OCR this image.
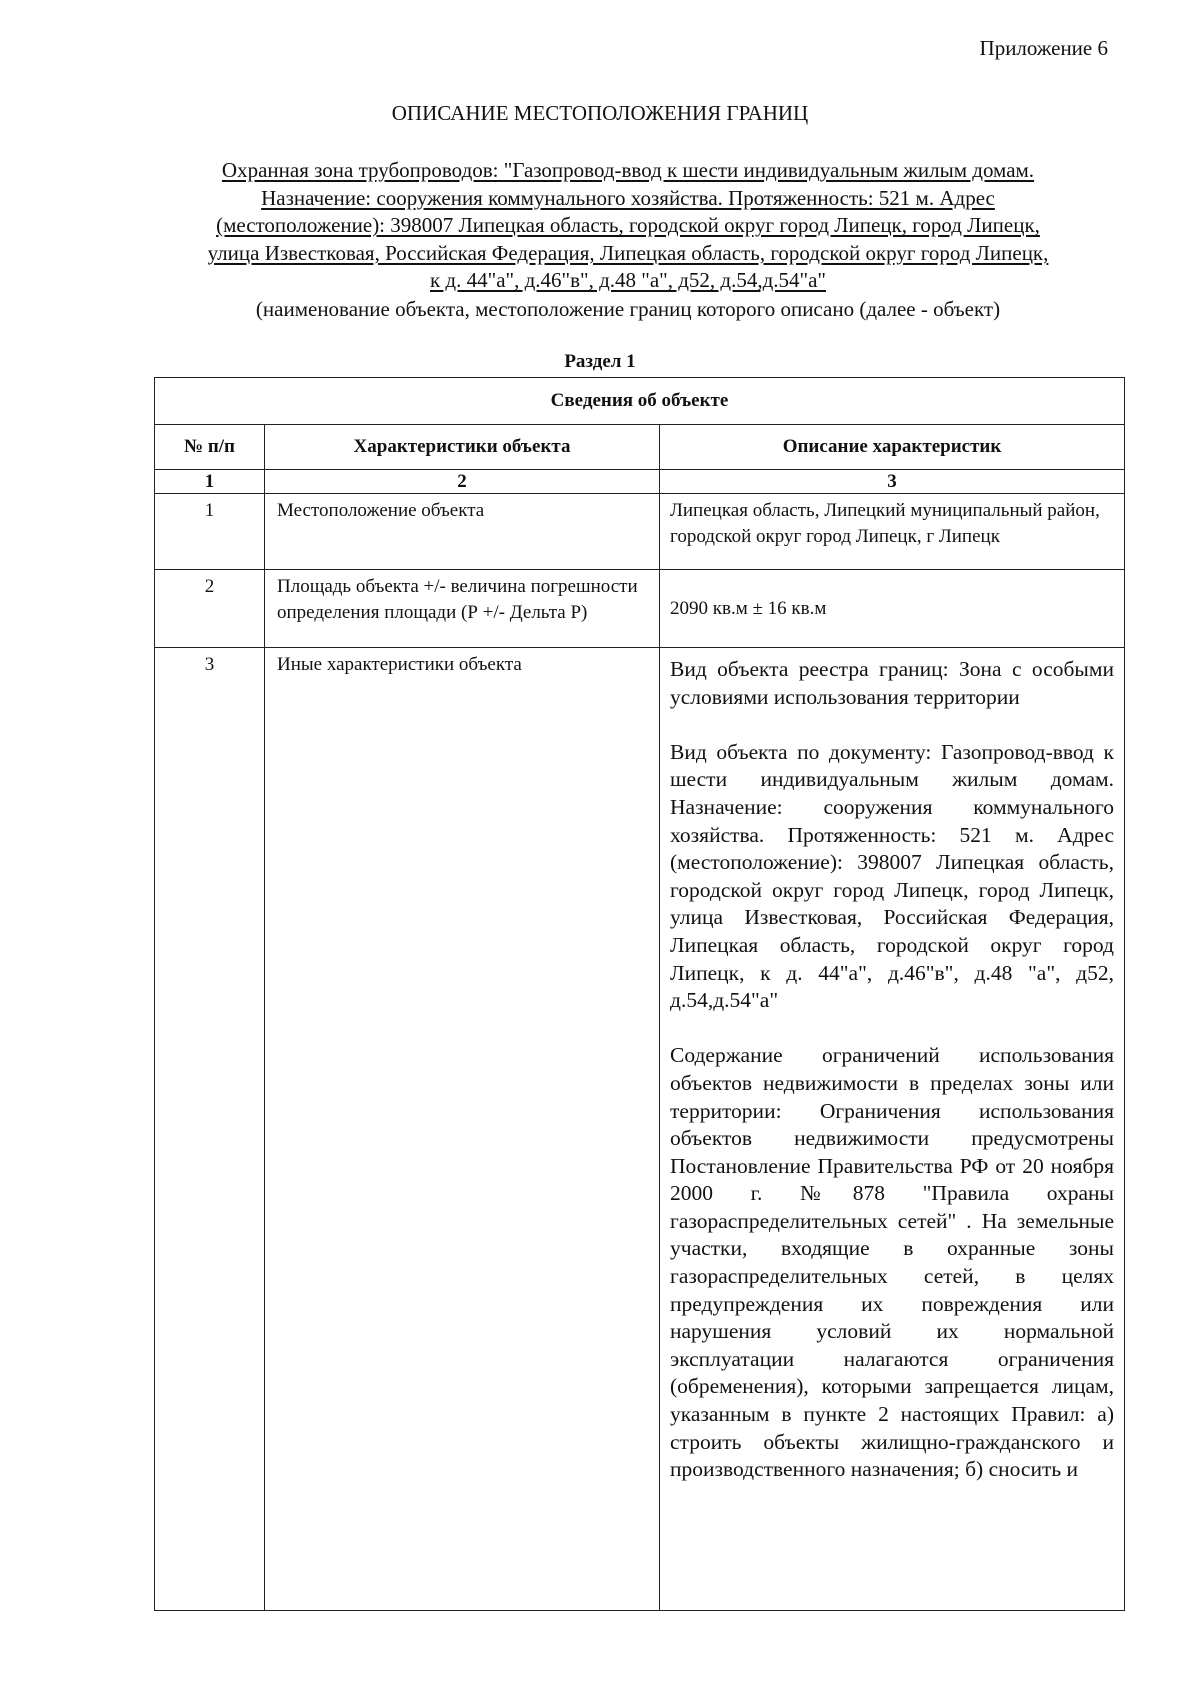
Приложение 6
ОПИСАНИЕ МЕСТОПОЛОЖЕНИЯ ГРАНИЦ
Охранная зона трубопроводов: "Газопровод-ввод к шести индивидуальным жилым домам.
Назначение: сооружения коммунального хозяйства. Протяженность: 521 м. Адрес
(местоположение): 398007 Липецкая область, городской округ город Липецк, город Липецк,
улица Известковая, Российская Федерация, Липецкая область, городской округ город Липецк,
к д. 44"а", д.46"в", д.48 "а", д52, д.54,д.54"а"
(наименование объекта, местоположение границ которого описано (далее - объект)
Раздел 1
Сведения об объекте		
№ п/п	Характеристики объекта	Описание характеристик
1	2	3
1	Местоположение объекта	Липецкая область, Липецкий муниципальный район, городской округ город Липецк, г Липецк
2	Площадь объекта +/- величина погрешности определения площади (Р +/- Дельта Р)	2090 кв.м ± 16 кв.м
3	Иные характеристики объекта	Вид объекта реестра границ: Зона с особыми условиями использования территории

Вид объекта по документу: Газопровод-ввод к шести индивидуальным жилым домам. Назначение: сооружения коммунального хозяйства. Протяженность: 521 м. Адрес (местоположение): 398007 Липецкая область, городской округ город Липецк, город Липецк, улица Известковая, Российская Федерация, Липецкая область, городской округ город Липецк, к д. 44"а", д.46"в", д.48 "а", д52, д.54,д.54"а"

Содержание ограничений использования объектов недвижимости в пределах зоны или территории: Ограничения использования объектов недвижимости предусмотрены Постановление Правительства РФ от 20 ноября 2000 г. №878 "Правила охраны газораспределительных сетей" . На земельные участки, входящие в охранные зоны газораспределительных сетей, в целях предупреждения их повреждения или нарушения условий их нормальной эксплуатации налагаются ограничения (обременения), которыми запрещается лицам, указанным в пункте 2 настоящих Правил: а) строить объекты жилищно-гражданского и производственного назначения; б) сносить и
